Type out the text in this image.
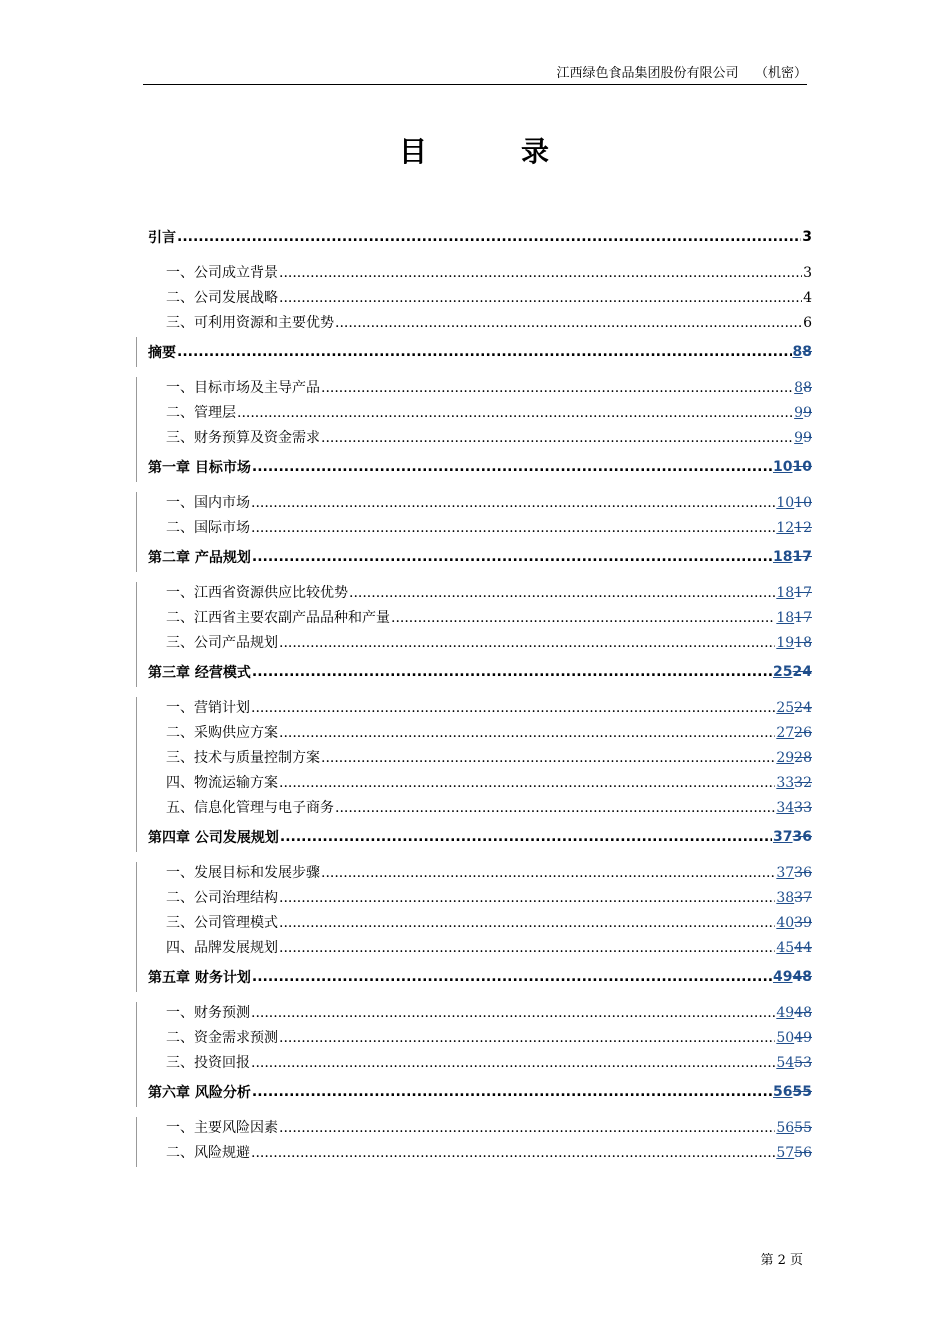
江西绿色食品集团股份有限公司 （机密）
目	录
引言 .....	3
一、公司成立背景 .....	3
二、公司发展战略 .....	4
三、可利用资源和主要优势 .....	6
摘要 .....	88
一、目标市场及主导产品 .....	88
二、管理层 .....	99
三、财务预算及资金需求 .....	99
第一章 目标市场 .....	1010
一、国内市场 .....	1010
二、国际市场 .....	1212
第二章 产品规划 .....	1817
一、江西省资源供应比较优势 .....	1817
二、江西省主要农副产品品种和产量 .....	1817
三、公司产品规划 .....	1918
第三章 经营模式 .....	2524
一、营销计划 .....	2524
二、采购供应方案 .....	2726
三、技术与质量控制方案 .....	2928
四、物流运输方案 .....	3332
五、信息化管理与电子商务 .....	3433
第四章 公司发展规划 .....	3736
一、发展目标和发展步骤 .....	3736
二、公司治理结构 .....	3837
三、公司管理模式 .....	4039
四、品牌发展规划 .....	4544
第五章 财务计划 .....	4948
一、财务预测 .....	4948
二、资金需求预测 .....	5049
三、投资回报 .....	5453
第六章 风险分析 .....	5655
一、主要风险因素 .....	5655
二、风险规避 .....	5756
第 2 页
